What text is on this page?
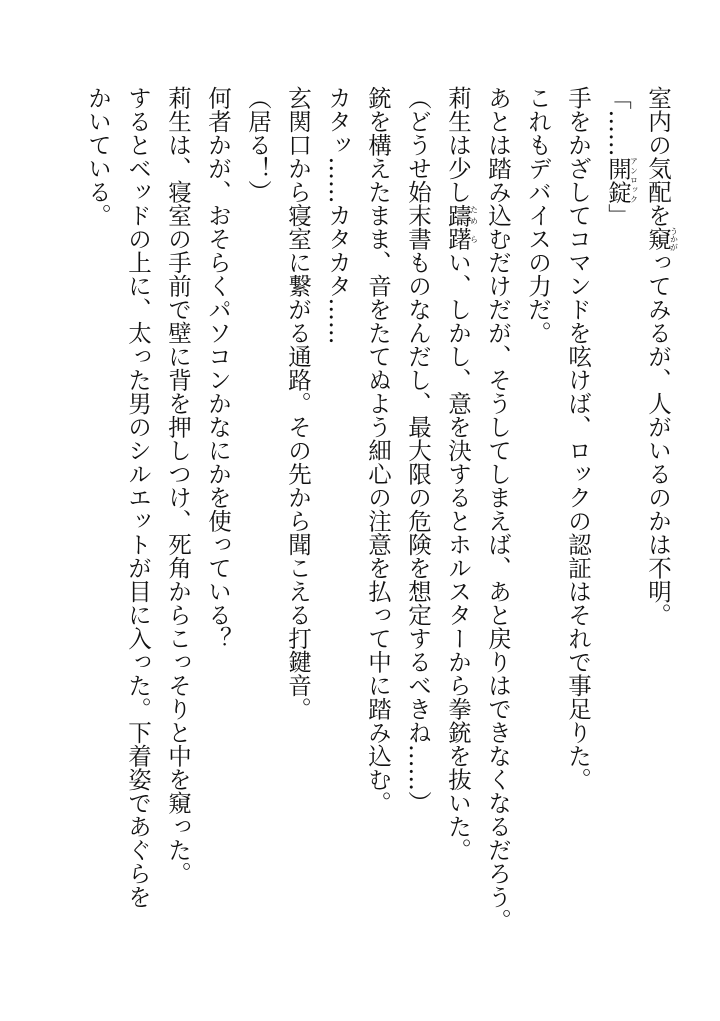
室内の気配を窺うかがってみるが、人がいるのかは不明。
「……開錠アンロック」
手をかざしてコマンドを呟けば、ロックの認証はそれで事足りた。
これもデバイスの力だ。
あとは踏み込むだけだが、そうしてしまえば、あと戻りはできなくなるだろう。
莉生は少し躊ため躇らい、しかし、意を決するとホルスターから拳銃を抜いた。
（どうせ始末書ものなんだし、最大限の危険を想定するべきね……）
銃を構えたまま、音をたてぬよう細心の注意を払って中に踏み込む。
カタッ……カタカタ……
玄関口から寝室に繋がる通路。その先から聞こえる打鍵音。
（居る！）
何者かが、おそらくパソコンかなにかを使っている？
莉生は、寝室の手前で壁に背を押しつけ、死角からこっそりと中を窺った。
するとベッドの上に、太った男のシルエットが目に入った。下着姿であぐらを
かいている。
